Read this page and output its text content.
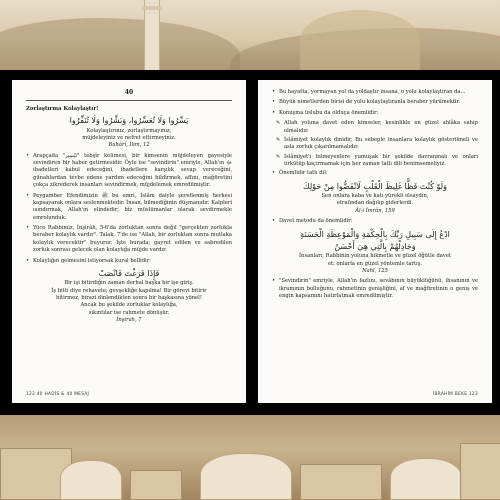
40
Zorlaştırma Kolaylaştır!
يَسِّرُوا وَلَا تُعَسِّرُوا، وَبَشِّرُوا وَلَا تُنَفِّرُوا
Kolaylaştırınız, zorlaştırmayınız,
müjdeleyiniz ve nefret ettirmeyiniz.
Buhârî, İlim, 12
• Arapçada "تَيْسِير" tebşîr kelimesi, bir kimsenin müjdeleyen gayesiyle sevindiren bir haber getirmesidir. Öyle ise "sevindirin" emriyle, Allah'ın ﷻ ibadetleri kabul edeceğini, ibadetlere karşılık sevap vereceğini, günahlardan tevbe edene yardım edeceğini bildirmek, affını, mağfiretini çokça zikrederek insanları sevindirmek, müjdelemek emredilmiştir.
• Peygamber Efendimizin ﷺ bu emri, İslâm daiyle şereflenmiş herkesi kapsayarak onlara seslenmektedir. İnsan, bilmediğinin düşmanıdır. Kalpleri ısındırmak, Allah'ın elindedir; biz müslümanlar olarak sevdirmekle emrolunduk.
• Yüce Rabbimiz, İnşirâh, 5-6'da zorluktan sonra değil "gerçekten zorlukla beraber kolaylık vardır". Talak, 7'de ise "Allah, bir zorluktan sonra mutlaka kolaylık verecektir" buyurur. İşte burada; gayret edilen ve sabredilen zorluk sonrası gelecek olan kolaylığa müjde vardır.
• Kolaylığın gelmesini istiyorsak kural bellidir:
فَإِذَا فَرَغْتَ فَانْصَبْ
Bir işi bitirdiğin zaman derhal başka bir işe giriş.
İş bitti diye rehavete; gevşekliğe kapılma! Bir görevi bitirir
bitirmez, birazi dinlendikten sonra bir başkasına yönel!
Ancak bu şekilde zorluklar kolaylığa,
sıkıntılar ise rahmete dönüşür.
İnşirah, 7
122 40 HADİS & 40 MESAJ
• Bu hayatta, yormayan yol da yoldaştır insana, o yolu kolaylaştıran da...
• Büyük nimetlerden birisi de yolu kolaylaştıranla beraber yürümektir.
• Konuşma üslubu da olduça önemlidir:
✎ Allah yoluna davet eden kimseler, kesinlikle en güzel ahlâka sahip olmalıdır.
✎ İslâmiyet kolaylık dinidir. Bu sebeple insanlara kolaylık gösterilmeli ve asla zorluk çıkarılmamalıdır.
✎ İslâmiyet'i bilmeyenlere yumuşak bir şekilde davranmalı ve onları ürkütüp kaçırmamak için her zaman tatlı dili benimsemeliyiz.
• Önemlidir tatlı dil:
وَلَوْ كُنْتَ فَظًّا غَلِيظَ الْقَلْبِ لَانْفَضُّوا مِنْ حَوْلِكَ
Sen onlara kaba ve katı yürekli olsaydın,
etrafından dağılıp giderlerdi.
Âl-i İmrân, 159
• Davet metodu da önemlidir:
ادْعُ إِلَى سَبِيلِ رَبِّكَ بِالْحِكْمَةِ وَالْمَوْعِظَةِ الْحَسَنَةِ
وَجَادِلْهُمْ بِالَّتِي هِيَ أَحْسَنُ
İnsanları, Rabbinin yoluna hikmetle ve güzel öğütle davet
et; onlarla en güzel yöntemle tartış.
Nahl, 125
• "Sevindirin" emriyle, Allah'ın fazlını, sevâbının büyüklüğünü, ihsanının ve ikramının bolluğunu, rahmetinin genişliğini, af ve mağfiretinin o geniş ve engin kapsamını hatırlatmak emredilmiştir.
İBRAHİM BEKE 123
